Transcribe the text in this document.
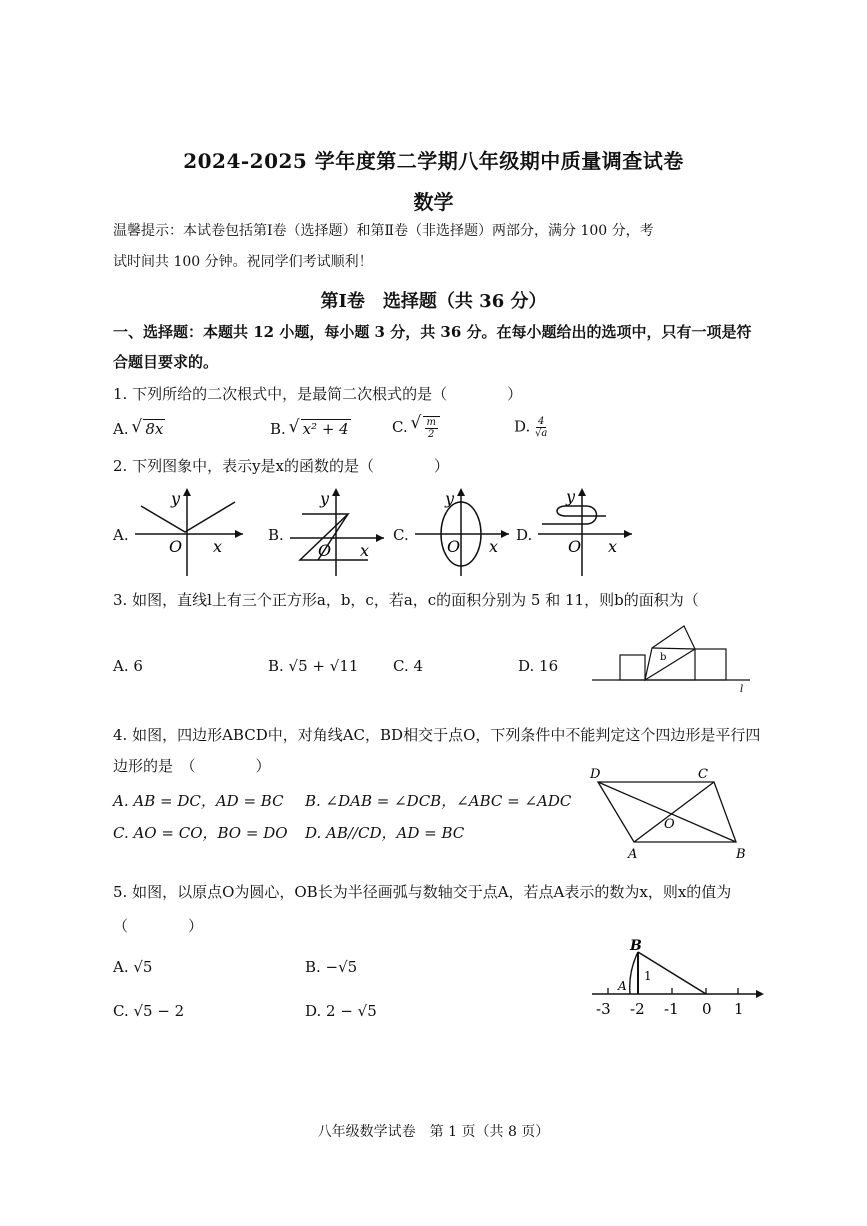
2024-2025 学年度第二学期八年级期中质量调查试卷
数学
温馨提示：本试卷包括第Ⅰ卷（选择题）和第Ⅱ卷（非选择题）两部分，满分 100 分，考
试时间共 100 分钟。祝同学们考试顺利！
第Ⅰ卷　选择题（共 36 分）
一、选择题：本题共 12 小题，每小题 3 分，共 36 分。在每小题给出的选项中，只有一项是符
合题目要求的。
1. 下列所给的二次根式中，是最简二次根式的是（　　　　）
A. √ 8x	B. √ x² + 4	C. √ $\frac{m}{2}$	D. $\frac{4}{√a}$
2. 下列图象中，表示y是x的函数的是（　　　　）
A.
y
O x
B.
y
O x
C.
y
O x
D.
y
O x
3. 如图，直线l上有三个正方形a，b，c，若a，c的面积分别为 5 和 11，则b的面积为（
A. 6	B. √5 + √11 C. 4	D. 16	b
l
4. 如图，四边形ABCD中，对角线AC，BD相交于点O，下列条件中不能判定这个四边形是平行四
边形的是　（　　　　）
A. AB = DC，AD = BC B. ∠DAB = ∠DCB，∠ABC = ∠ADC
C. AO = CO，BO = DO D. AB//CD，AD = BC
D	C
O
A	B
5. 如图，以原点O为圆心，OB长为半径画弧与数轴交于点A，若点A表示的数为x，则x的值为
（　　　　）
A. √5	B. −√5
C. √5 − 2	D. 2 − √5
B
A
1
-3 -2 -1 0 1
八年级数学试卷　第 1 页（共 8 页）
